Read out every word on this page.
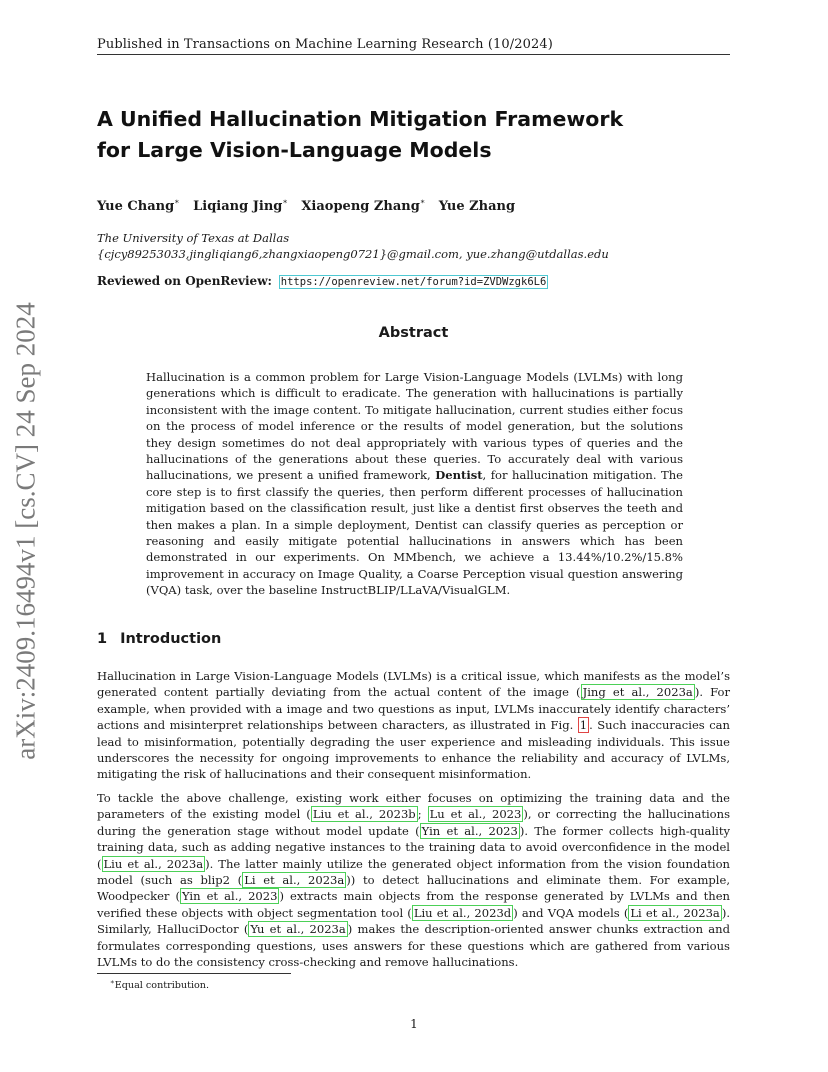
Published in Transactions on Machine Learning Research (10/2024)
A Unified Hallucination Mitigation Framework
for Large Vision-Language Models
Yue Chang∗ Liqiang Jing∗ Xiaopeng Zhang∗ Yue Zhang
The University of Texas at Dallas
{cjcy89253033,jingliqiang6,zhangxiaopeng0721}@gmail.com, yue.zhang@utdallas.edu
Reviewed on OpenReview: https://openreview.net/forum?id=ZVDWzgk6L6
arXiv:2409.16494v1 [cs.CV] 24 Sep 2024	Abstract
Hallucination is a common problem for Large Vision-Language Models (LVLMs) with long generations which is difficult to eradicate. The generation with hallucinations is partially inconsistent with the image content. To mitigate hallucination, current studies either focus on the process of model inference or the results of model generation, but the solutions they design sometimes do not deal appropriately with various types of queries and the hallucinations of the generations about these queries. To accurately deal with various hallucinations, we present a unified framework, Dentist, for hallucination mitigation. The core step is to first classify the queries, then perform different processes of hallucination mitigation based on the classification result, just like a dentist first observes the teeth and then makes a plan. In a simple deployment, Dentist can classify queries as perception or reasoning and easily mitigate potential hallucinations in answers which has been demonstrated in our experiments. On MMbench, we achieve a 13.44%/10.2%/15.8% improvement in accuracy on Image Quality, a Coarse Perception visual question answering (VQA) task, over the baseline InstructBLIP/LLaVA/VisualGLM.
1 Introduction
Hallucination in Large Vision-Language Models (LVLMs) is a critical issue, which manifests as the model’s generated content partially deviating from the actual content of the image ( Jing et al., 2023a ). For example, when provided with a image and two questions as input, LVLMs inaccurately identify characters’ actions and misinterpret relationships between characters, as illustrated in Fig. 1 . Such inaccuracies can lead to misinformation, potentially degrading the user experience and misleading individuals. This issue underscores the necessity for ongoing improvements to enhance the reliability and accuracy of LVLMs, mitigating the risk of hallucinations and their consequent misinformation.
To tackle the above challenge, existing work either focuses on optimizing the training data and the parameters of the existing model ( Liu et al., 2023b ; Lu et al., 2023 ), or correcting the hallucinations during the generation stage without model update ( Yin et al., 2023 ). The former collects high-quality training data, such as adding negative instances to the training data to avoid overconfidence in the model ( Liu et al., 2023a ). The latter mainly utilize the generated object information from the vision foundation model (such as blip2 ( Li et al., 2023a )) to detect hallucinations and eliminate them. For example, Woodpecker ( Yin et al., 2023 ) extracts main objects from the response generated by LVLMs and then verified these objects with object segmentation tool ( Liu et al., 2023d ) and VQA models ( Li et al., 2023a ). Similarly, HalluciDoctor ( Yu et al., 2023a ) makes the description-oriented answer chunks extraction and formulates corresponding questions, uses answers for these questions which are gathered from various LVLMs to do the consistency cross-checking and remove hallucinations.
∗Equal contribution.
1
